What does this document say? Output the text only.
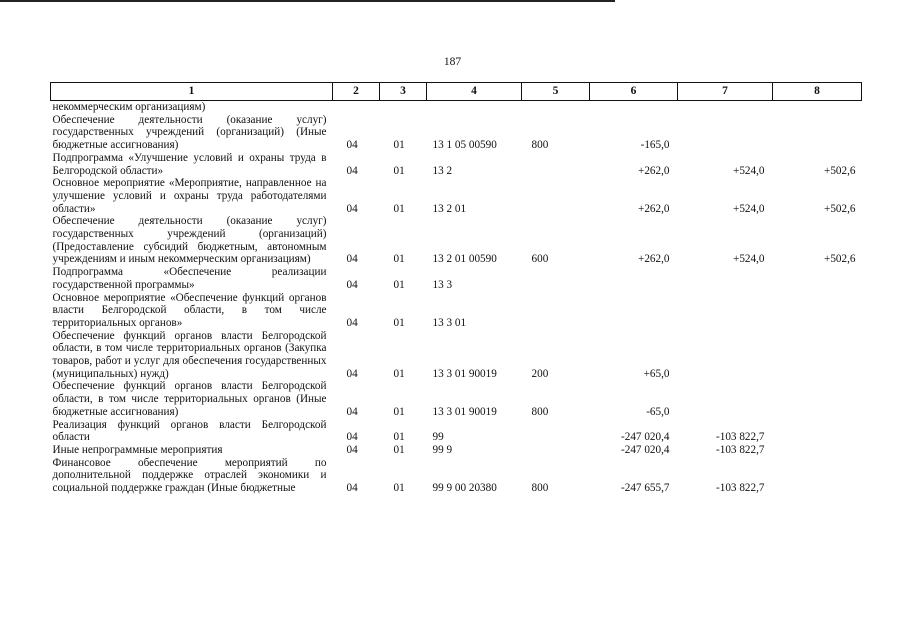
187
1	2	3	4	5	6	7	8
некоммерческим организациям)							
Обеспечение деятельности (оказание услуг) государственных учреждений (организаций) (Иные бюджетные ассигнования)	04	01	13 1 05 00590	800	-165,0		
Подпрограмма «Улучшение условий и охраны труда в Белгородской области»	04	01	13 2		+262,0	+524,0	+502,6
Основное мероприятие «Мероприятие, направленное на улучшение условий и охраны труда работодателями области»	04	01	13 2 01		+262,0	+524,0	+502,6
Обеспечение деятельности (оказание услуг) государственных учреждений (организаций) (Предоставление субсидий бюджетным, автономным учреждениям и иным некоммерческим организациям)	04	01	13 2 01 00590	600	+262,0	+524,0	+502,6
Подпрограмма «Обеспечение реализации государственной программы»	04	01	13 3				
Основное мероприятие «Обеспечение функций органов власти Белгородской области, в том числе территориальных органов»	04	01	13 3 01				
Обеспечение функций органов власти Белгородской области, в том числе территориальных органов (Закупка товаров, работ и услуг для обеспечения государственных (муниципальных) нужд)	04	01	13 3 01 90019	200	+65,0		
Обеспечение функций органов власти Белгородской области, в том числе территориальных органов (Иные бюджетные ассигнования)	04	01	13 3 01 90019	800	-65,0		
Реализация функций органов власти Белгородской области	04	01	99		-247 020,4	-103 822,7	
Иные непрограммные мероприятия	04	01	99 9		-247 020,4	-103 822,7	
Финансовое обеспечение мероприятий по дополнительной поддержке отраслей экономики и социальной поддержке граждан (Иные бюджетные	04	01	99 9 00 20380	800	-247 655,7	-103 822,7	
